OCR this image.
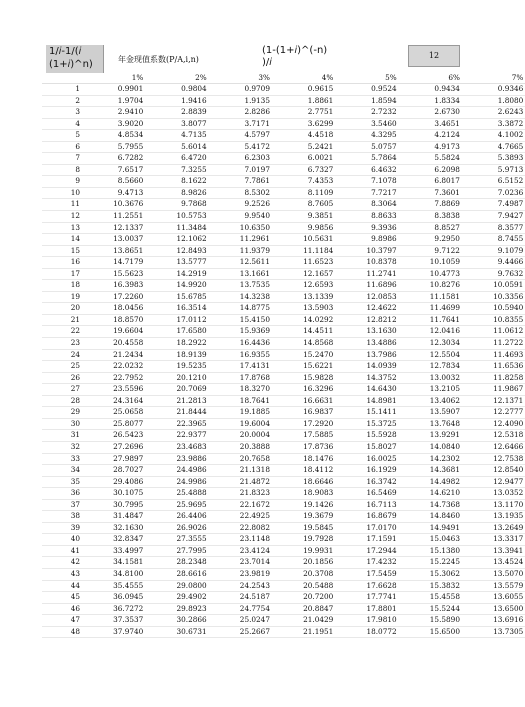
1/𝑖-1/(𝑖
(1+𝑖)^n)	年金现值系数(P/A,i,n)
(1-(1+𝑖)^(-n)
)/𝑖
12
	1%	2%	3%	4%	5%	6%	7%
1	0.9901	0.9804	0.9709	0.9615	0.9524	0.9434	0.9346
2	1.9704	1.9416	1.9135	1.8861	1.8594	1.8334	1.8080
3	2.9410	2.8839	2.8286	2.7751	2.7232	2.6730	2.6243
4	3.9020	3.8077	3.7171	3.6299	3.5460	3.4651	3.3872
5	4.8534	4.7135	4.5797	4.4518	4.3295	4.2124	4.1002
6	5.7955	5.6014	5.4172	5.2421	5.0757	4.9173	4.7665
7	6.7282	6.4720	6.2303	6.0021	5.7864	5.5824	5.3893
8	7.6517	7.3255	7.0197	6.7327	6.4632	6.2098	5.9713
9	8.5660	8.1622	7.7861	7.4353	7.1078	6.8017	6.5152
10	9.4713	8.9826	8.5302	8.1109	7.7217	7.3601	7.0236
11	10.3676	9.7868	9.2526	8.7605	8.3064	7.8869	7.4987
12	11.2551	10.5753	9.9540	9.3851	8.8633	8.3838	7.9427
13	12.1337	11.3484	10.6350	9.9856	9.3936	8.8527	8.3577
14	13.0037	12.1062	11.2961	10.5631	9.8986	9.2950	8.7455
15	13.8651	12.8493	11.9379	11.1184	10.3797	9.7122	9.1079
16	14.7179	13.5777	12.5611	11.6523	10.8378	10.1059	9.4466
17	15.5623	14.2919	13.1661	12.1657	11.2741	10.4773	9.7632
18	16.3983	14.9920	13.7535	12.6593	11.6896	10.8276	10.0591
19	17.2260	15.6785	14.3238	13.1339	12.0853	11.1581	10.3356
20	18.0456	16.3514	14.8775	13.5903	12.4622	11.4699	10.5940
21	18.8570	17.0112	15.4150	14.0292	12.8212	11.7641	10.8355
22	19.6604	17.6580	15.9369	14.4511	13.1630	12.0416	11.0612
23	20.4558	18.2922	16.4436	14.8568	13.4886	12.3034	11.2722
24	21.2434	18.9139	16.9355	15.2470	13.7986	12.5504	11.4693
25	22.0232	19.5235	17.4131	15.6221	14.0939	12.7834	11.6536
26	22.7952	20.1210	17.8768	15.9828	14.3752	13.0032	11.8258
27	23.5596	20.7069	18.3270	16.3296	14.6430	13.2105	11.9867
28	24.3164	21.2813	18.7641	16.6631	14.8981	13.4062	12.1371
29	25.0658	21.8444	19.1885	16.9837	15.1411	13.5907	12.2777
30	25.8077	22.3965	19.6004	17.2920	15.3725	13.7648	12.4090
31	26.5423	22.9377	20.0004	17.5885	15.5928	13.9291	12.5318
32	27.2696	23.4683	20.3888	17.8736	15.8027	14.0840	12.6466
33	27.9897	23.9886	20.7658	18.1476	16.0025	14.2302	12.7538
34	28.7027	24.4986	21.1318	18.4112	16.1929	14.3681	12.8540
35	29.4086	24.9986	21.4872	18.6646	16.3742	14.4982	12.9477
36	30.1075	25.4888	21.8323	18.9083	16.5469	14.6210	13.0352
37	30.7995	25.9695	22.1672	19.1426	16.7113	14.7368	13.1170
38	31.4847	26.4406	22.4925	19.3679	16.8679	14.8460	13.1935
39	32.1630	26.9026	22.8082	19.5845	17.0170	14.9491	13.2649
40	32.8347	27.3555	23.1148	19.7928	17.1591	15.0463	13.3317
41	33.4997	27.7995	23.4124	19.9931	17.2944	15.1380	13.3941
42	34.1581	28.2348	23.7014	20.1856	17.4232	15.2245	13.4524
43	34.8100	28.6616	23.9819	20.3708	17.5459	15.3062	13.5070
44	35.4555	29.0800	24.2543	20.5488	17.6628	15.3832	13.5579
45	36.0945	29.4902	24.5187	20.7200	17.7741	15.4558	13.6055
46	36.7272	29.8923	24.7754	20.8847	17.8801	15.5244	13.6500
47	37.3537	30.2866	25.0247	21.0429	17.9810	15.5890	13.6916
48	37.9740	30.6731	25.2667	21.1951	18.0772	15.6500	13.7305
